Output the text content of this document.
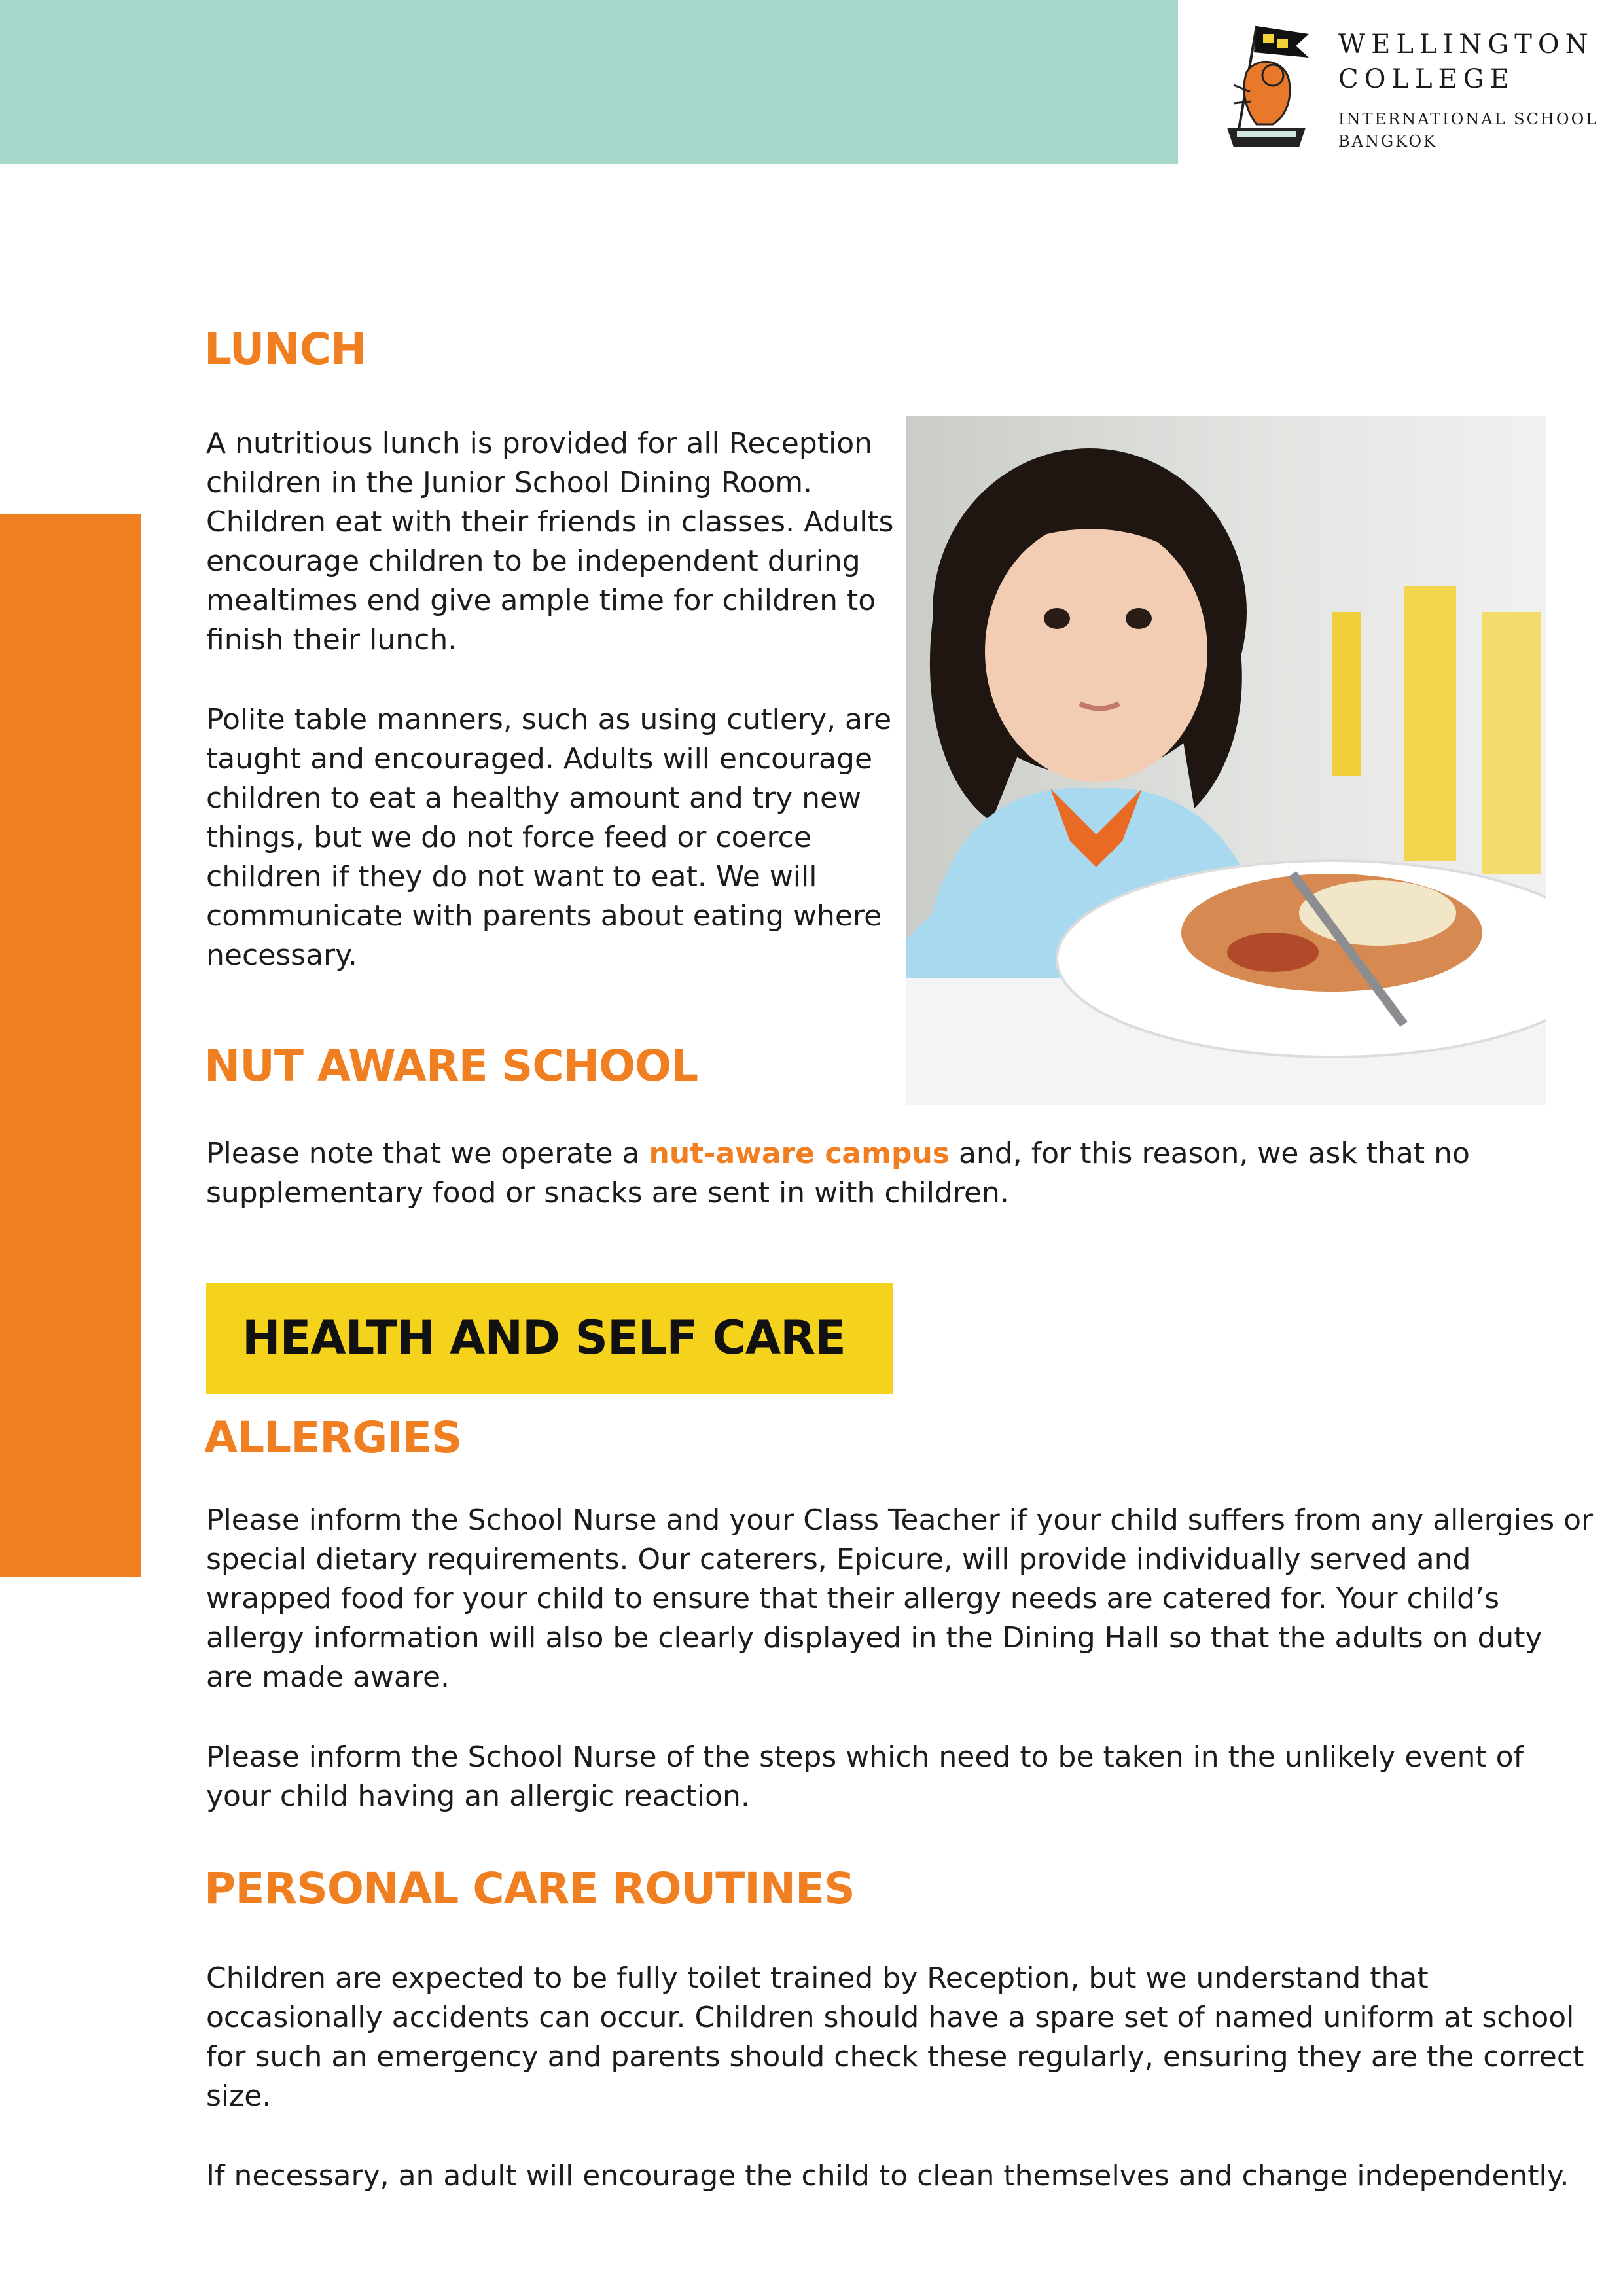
WELLINGTON
COLLEGE
INTERNATIONAL SCHOOL
BANGKOK
LUNCH

A nutritious lunch is provided for all Reception children in the Junior School Dining Room. Children eat with their friends in classes. Adults encourage children to be independent during mealtimes end give ample time for children to finish their lunch.

Polite table manners, such as using cutlery, are taught and encouraged. Adults will encourage children to eat a healthy amount and try new things, but we do not force feed or coerce children if they do not want to eat. We will communicate with parents about eating where necessary.

NUT AWARE SCHOOL

Please note that we operate a nut-aware campus and, for this reason, we ask that no supplementary food or snacks are sent in with children.

HEALTH AND SELF CARE
ALLERGIES

Please inform the School Nurse and your Class Teacher if your child suffers from any allergies or special dietary requirements. Our caterers, Epicure, will provide individually served and wrapped food for your child to ensure that their allergy needs are catered for. Your child’s allergy information will also be clearly displayed in the Dining Hall so that the adults on duty are made aware.

Please inform the School Nurse of the steps which need to be taken in the unlikely event of your child having an allergic reaction.

PERSONAL CARE ROUTINES

Children are expected to be fully toilet trained by Reception, but we understand that occasionally accidents can occur. Children should have a spare set of named uniform at school for such an emergency and parents should check these regularly, ensuring they are the correct size.

If necessary, an adult will encourage the child to clean themselves and change independently.
